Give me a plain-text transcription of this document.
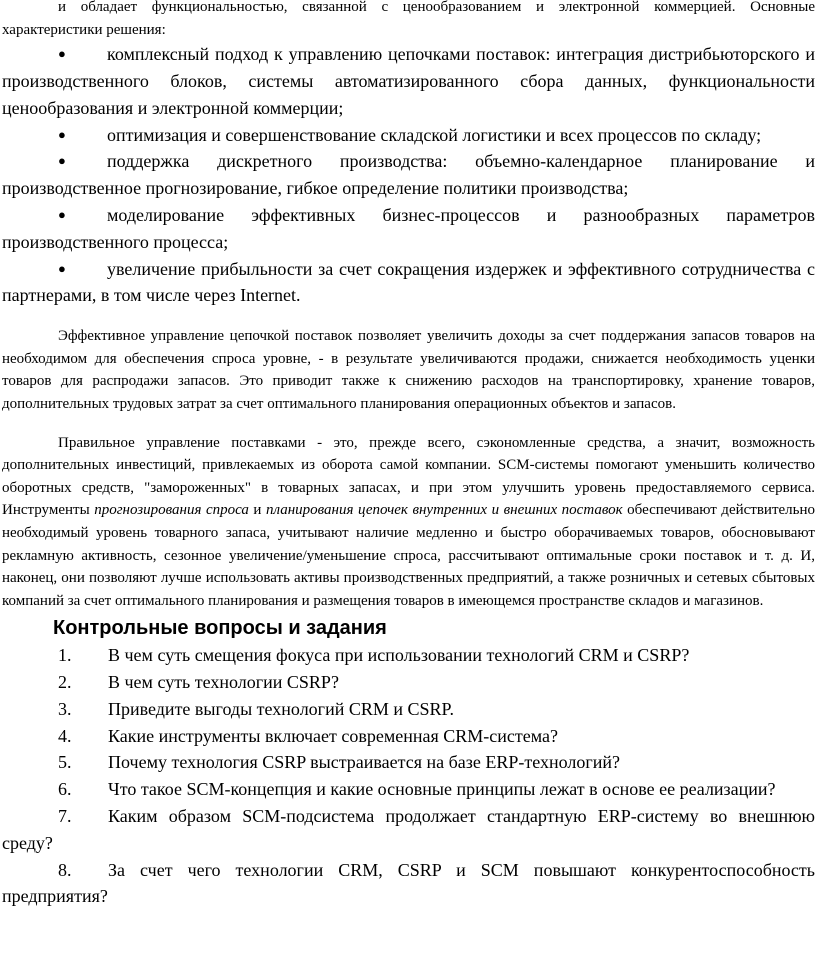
и обладает функциональностью, связанной с ценообразованием и электронной коммерцией. Основные характеристики решения:

● комплексный подход к управлению цепочками поставок: интеграция дистрибьюторского и производственного блоков, системы автоматизированного сбора данных, функциональности ценообразования и электронной коммерции;

● оптимизация и совершенствование складской логистики и всех процессов по складу;

● поддержка дискретного производства: объемно-календарное планирование и производственное прогнозирование, гибкое определение политики производства;

● моделирование эффективных бизнес-процессов и разнообразных параметров производственного процесса;

● увеличение прибыльности за счет сокращения издержек и эффективного сотрудничества с партнерами, в том числе через Internet.

Эффективное управление цепочкой поставок позволяет увеличить доходы за счет поддержания запасов товаров на необходимом для обеспечения спроса уровне, - в результате увеличиваются продажи, снижается необходимость уценки товаров для распродажи запасов. Это приводит также к снижению расходов на транспортировку, хранение товаров, дополнительных трудовых затрат за счет оптимального планирования операционных объектов и запасов.

Правильное управление поставками - это, прежде всего, сэкономленные средства, а значит, возможность дополнительных инвестиций, привлекаемых из оборота самой компании. SCM-системы помогают уменьшить количество оборотных средств, "замороженных" в товарных запасах, и при этом улучшить уровень предоставляемого сервиса. Инструменты прогнозирования спроса и планирования цепочек внутренних и внешних поставок обеспечивают действительно необходимый уровень товарного запаса, учитывают наличие медленно и быстро оборачиваемых товаров, обосновывают рекламную активность, сезонное увеличение/уменьшение спроса, рассчитывают оптимальные сроки поставок и т. д. И, наконец, они позволяют лучше использовать активы производственных предприятий, а также розничных и сетевых сбытовых компаний за счет оптимального планирования и размещения товаров в имеющемся пространстве складов и магазинов.

Контрольные вопросы и задания

1. В чем суть смещения фокуса при использовании технологий CRM и CSRP?

2. В чем суть технологии CSRP?

3. Приведите выгоды технологий CRM и CSRP.

4. Какие инструменты включает современная CRM-система?

5. Почему технология CSRP выстраивается на базе ERP-технологий?

6. Что такое SCM-концепция и какие основные принципы лежат в основе ее реализации?

7. Каким образом SCM-подсистема продолжает стандартную ERP-систему во внешнюю среду?

8. За счет чего технологии CRM, CSRP и SCM повышают конкурентоспособность предприятия?
